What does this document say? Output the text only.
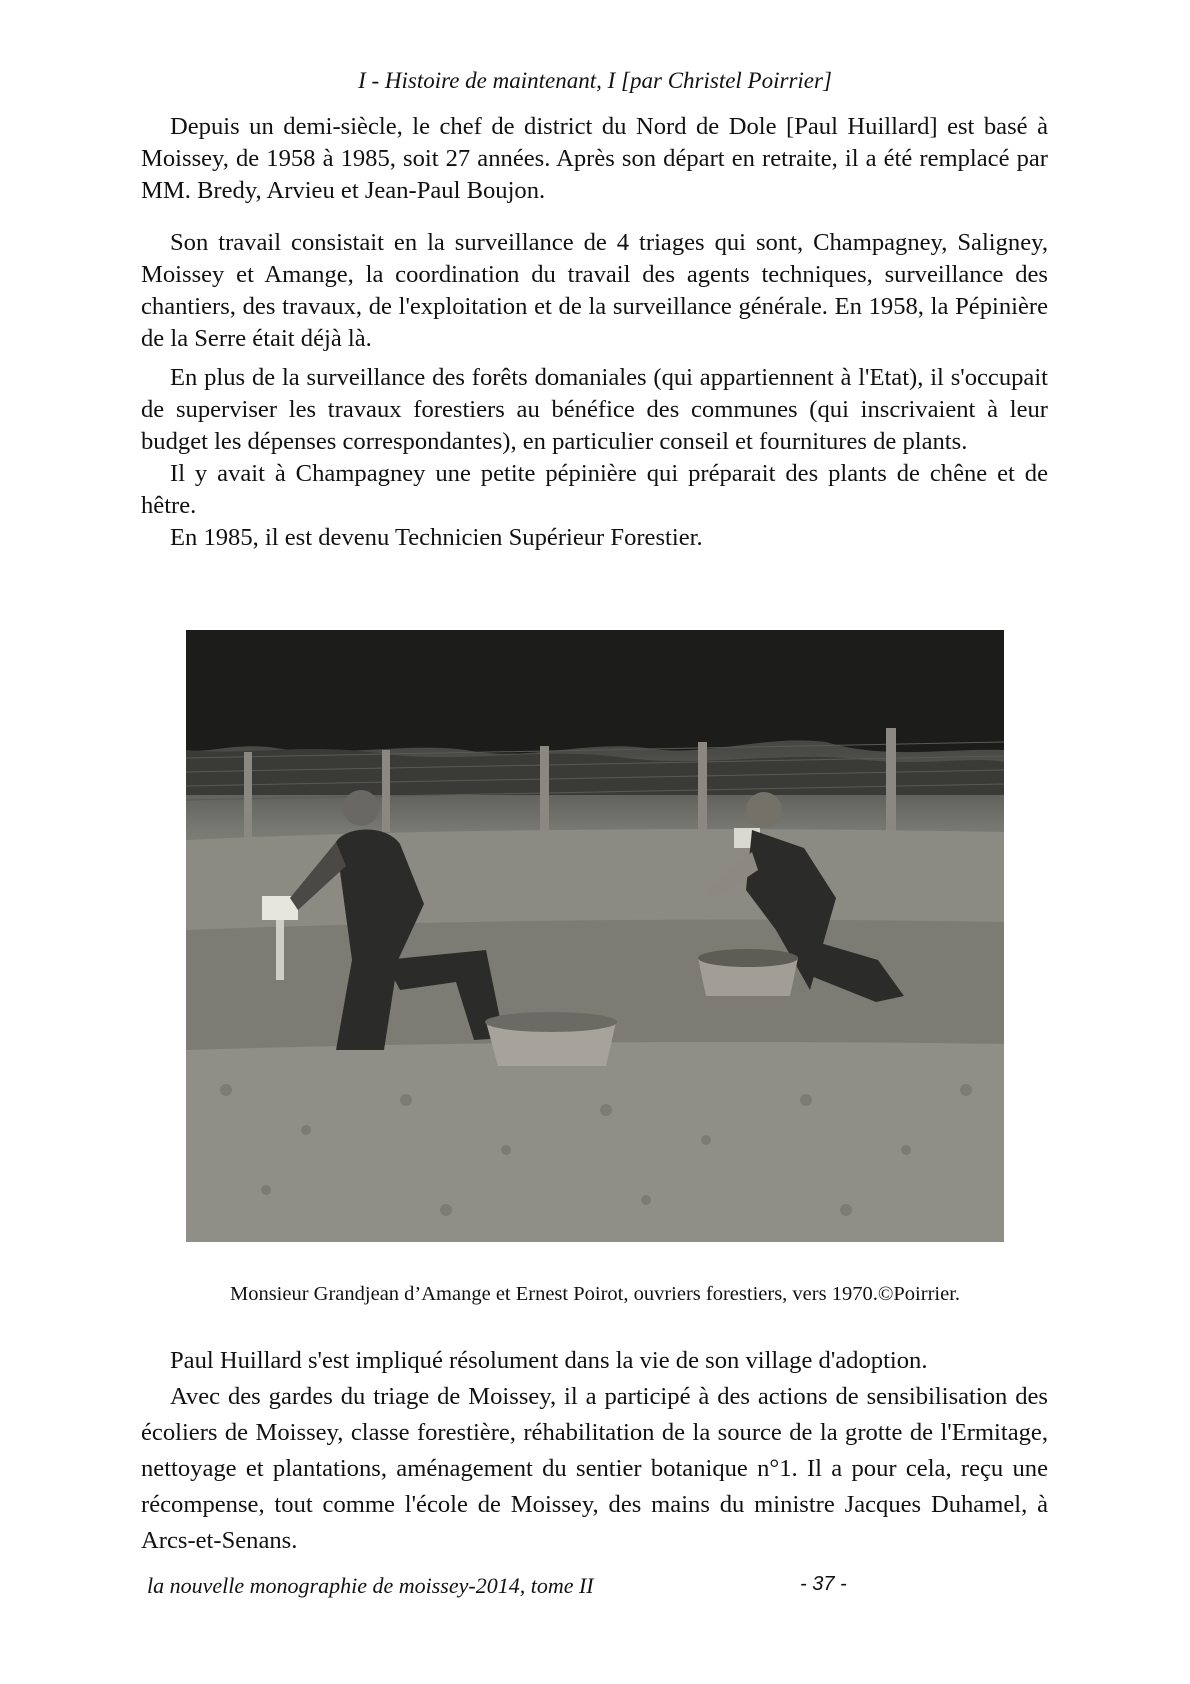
I - Histoire de maintenant, I [par Christel Poirrier]

Depuis un demi-siècle, le chef de district du Nord de Dole [Paul Huillard] est basé à Moissey, de 1958 à 1985, soit 27 années. Après son départ en retraite, il a été remplacé par MM. Bredy, Arvieu et Jean-Paul Boujon.

Son travail consistait en la surveillance de 4 triages qui sont, Champagney, Saligney, Moissey et Amange, la coordination du travail des agents techniques, surveillance des chantiers, des travaux, de l'exploitation et de la surveillance générale. En 1958, la Pépinière de la Serre était déjà là.

En plus de la surveillance des forêts domaniales (qui appartiennent à l'Etat), il s'occupait de superviser les travaux forestiers au bénéfice des communes (qui inscrivaient à leur budget les dépenses correspondantes), en particulier conseil et fournitures de plants.

Il y avait à Champagney une petite pépinière qui préparait des plants de chêne et de hêtre.

En 1985, il est devenu Technicien Supérieur Forestier.

Monsieur Grandjean d’Amange et Ernest Poirot, ouvriers forestiers, vers 1970.©Poirrier.

Paul Huillard s'est impliqué résolument dans la vie de son village d'adoption.

Avec des gardes du triage de Moissey, il a participé à des actions de sensibilisation des écoliers de Moissey, classe forestière, réhabilitation de la source de la grotte de l'Ermitage, nettoyage et plantations, aménagement du sentier botanique n°1. Il a pour cela, reçu une récompense, tout comme l'école de Moissey, des mains du ministre Jacques Duhamel, à Arcs-et-Senans.

la nouvelle monographie de moissey-2014, tome II	- 37 -
